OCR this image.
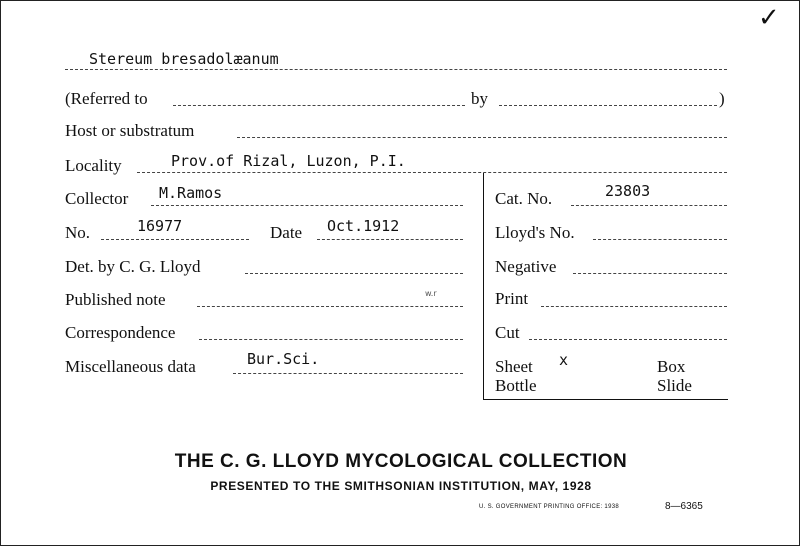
✓
Stereum bresadolæanum
(Referred to	by	)
Host or substratum
Locality	Prov.of Rizal, Luzon, P.I.
Collector M.Ramos
No.	16977	Date Oct.1912
Det. by C. G. Lloyd
Published note	w.r
Correspondence
Miscellaneous data	Bur.Sci.
Cat. No.	23803
Lloyd's No.
Negative
Print
Cut
Sheet x	Box
Bottle	Slide
THE C. G. LLOYD MYCOLOGICAL COLLECTION
PRESENTED TO THE SMITHSONIAN INSTITUTION, MAY, 1928
U. S. GOVERNMENT PRINTING OFFICE: 1938	8—6365
